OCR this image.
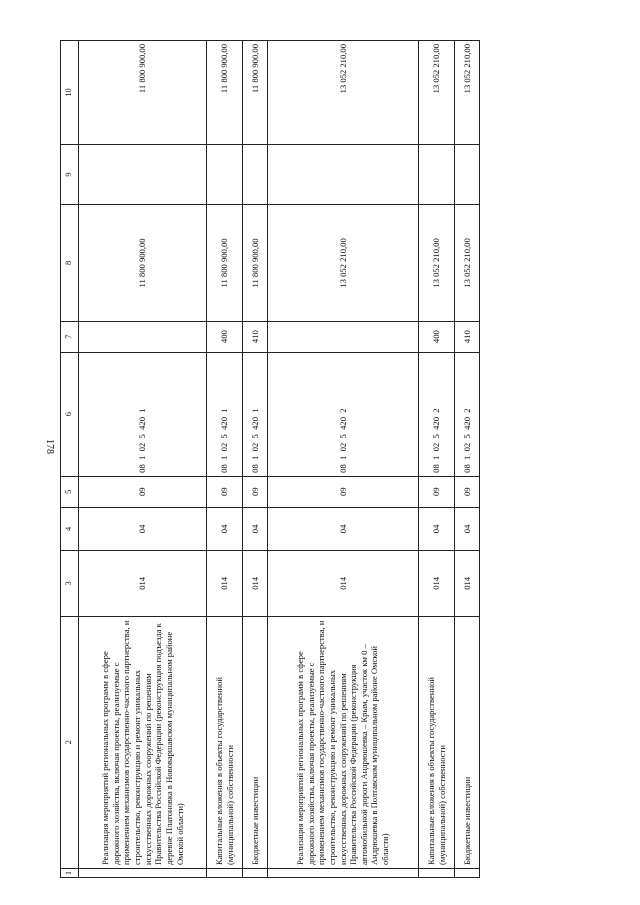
178
1	2	3	4	5	6	7	8	9	10
	Реализация мероприятий региональных программ в сфере дорожного хозяйства, включая проекты, реализуемые с применением механизмов государственно-частного партнерства, и строительство, реконструкцию и ремонт уникальных искусственных дорожных сооружений по решениям Правительства Российской Федерации (реконструкция подъезда к деревне Платоновка в Нововаршавском муниципальном районе Омской области)	014	04	09	08  1  02  5  420  1		11 800 900,00		11 800 900,00
	Капитальные вложения в объекты государственной (муниципальной) собственности	014	04	09	08  1  02  5  420  1	400	11 800 900,00		11 800 900,00
	Бюджетные инвестиции	014	04	09	08  1  02  5  420  1	410	11 800 900,00		11 800 900,00
	Реализация мероприятий региональных программ в сфере дорожного хозяйства, включая проекты, реализуемые с применением механизмов государственно-частного партнерства, и строительство, реконструкцию и ремонт уникальных искусственных дорожных сооружений по решениям Правительства Российской Федерации (реконструкция автомобильной дороги Андрюшевка – Крым, участок км 0 – Андрюшевка в Полтавском муниципальном районе Омской области)	014	04	09	08  1  02  5  420  2		13 052 210,00		13 052 210,00
	Капитальные вложения в объекты государственной (муниципальной) собственности	014	04	09	08  1  02  5  420  2	400	13 052 210,00		13 052 210,00
	Бюджетные инвестиции	014	04	09	08  1  02  5  420  2	410	13 052 210,00		13 052 210,00
